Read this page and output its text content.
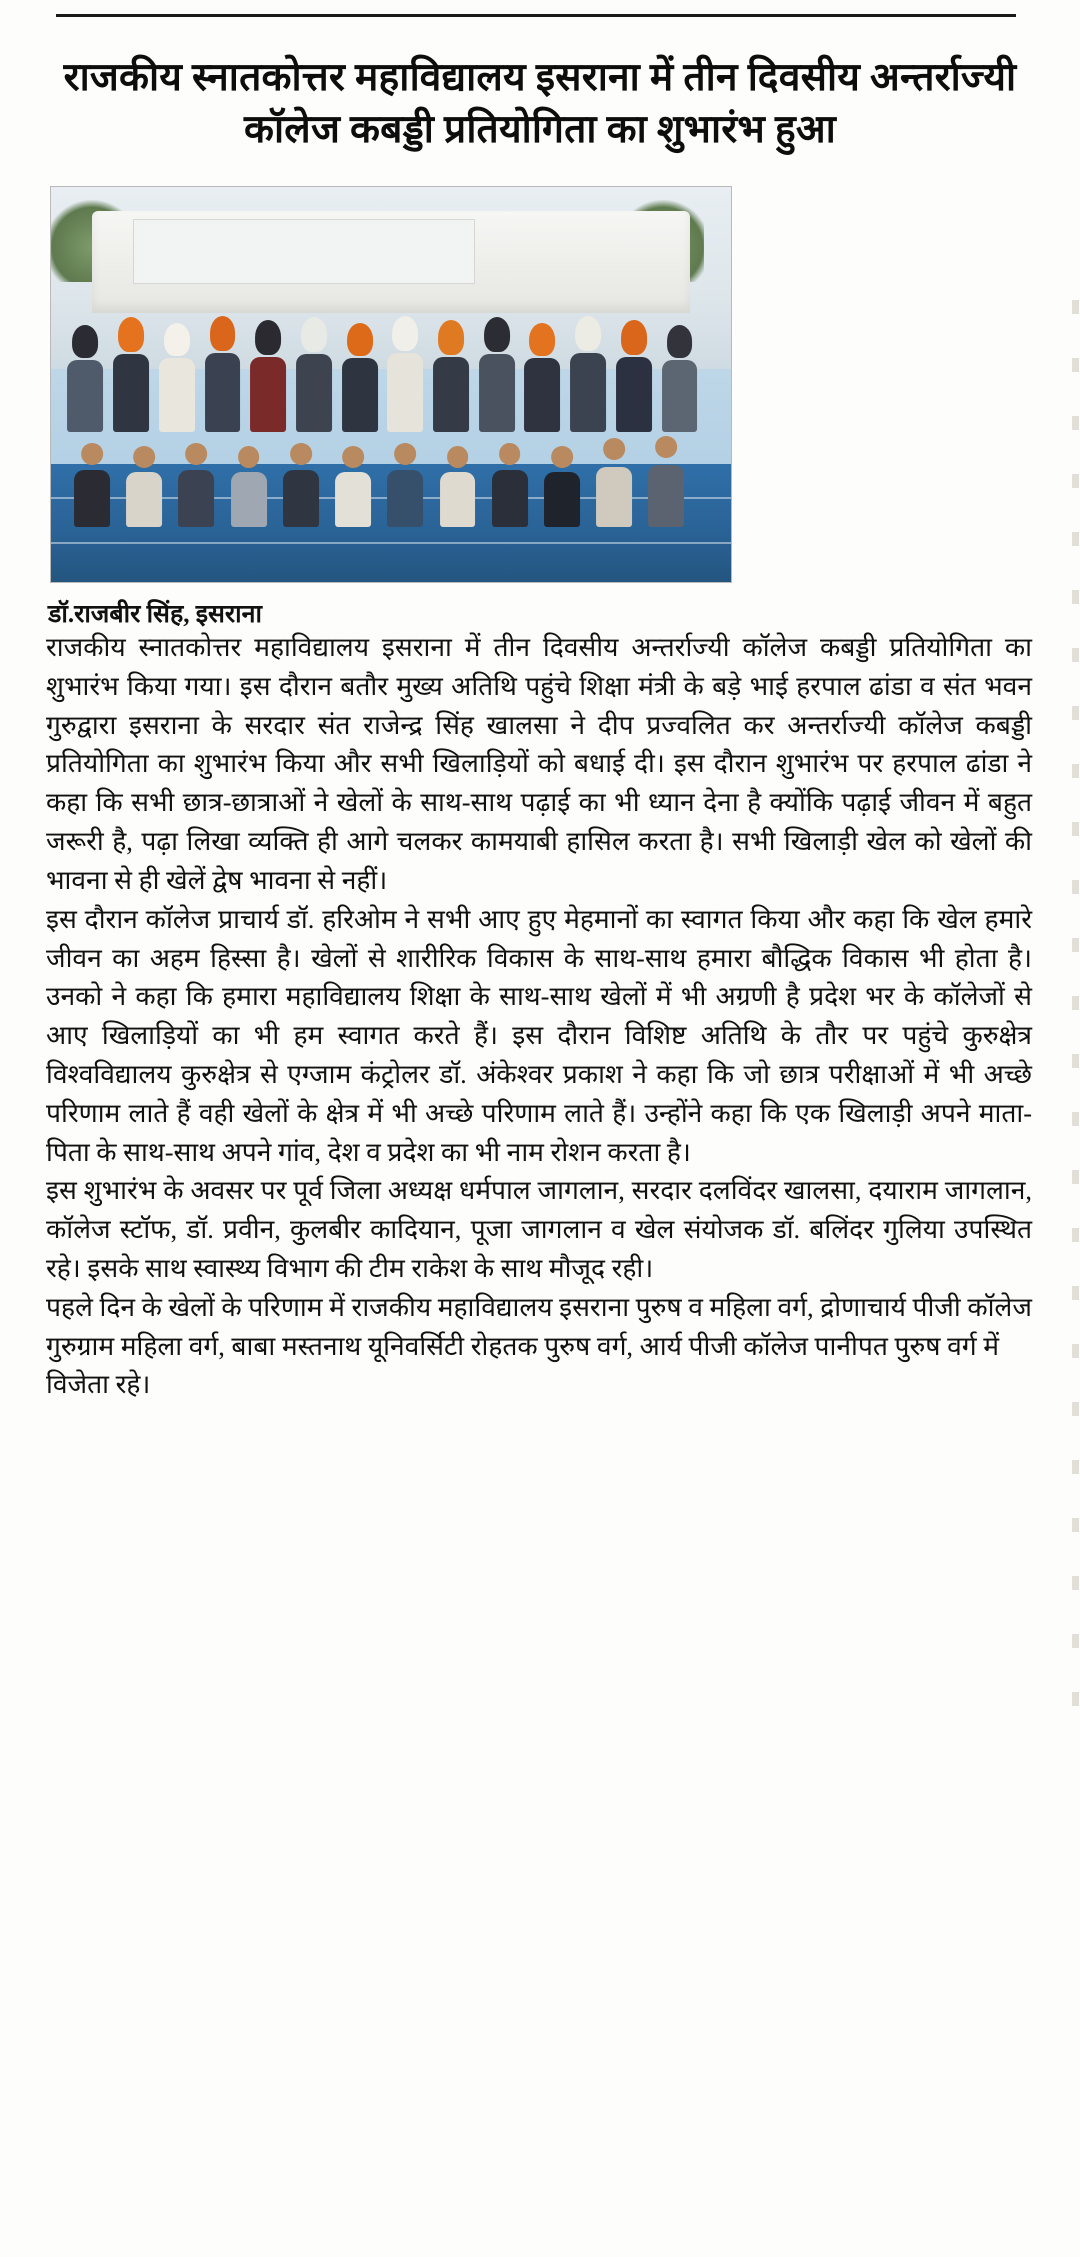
राजकीय स्नातकोत्तर महाविद्यालय इसराना में तीन दिवसीय अन्तर्राज्यी कॉलेज कबड्डी प्रतियोगिता का शुभारंभ हुआ
डॉ.राजबीर सिंह, इसराना

राजकीय स्नातकोत्तर महाविद्यालय इसराना में तीन दिवसीय अन्तर्राज्यी कॉलेज कबड्डी प्रतियोगिता का शुभारंभ किया गया। इस दौरान बतौर मुख्य अतिथि पहुंचे शिक्षा मंत्री के बड़े भाई हरपाल ढांडा व संत भवन गुरुद्वारा इसराना के सरदार संत राजेन्द्र सिंह खालसा ने दीप प्रज्वलित कर अन्तर्राज्यी कॉलेज कबड्डी प्रतियोगिता का शुभारंभ किया और सभी खिलाड़ियों को बधाई दी। इस दौरान शुभारंभ पर हरपाल ढांडा ने कहा कि सभी छात्र-छात्राओं ने खेलों के साथ-साथ पढ़ाई का भी ध्यान देना है क्योंकि पढ़ाई जीवन में बहुत जरूरी है, पढ़ा लिखा व्यक्ति ही आगे चलकर कामयाबी हासिल करता है। सभी खिलाड़ी खेल को खेलों की भावना से ही खेलें द्वेष भावना से नहीं।

इस दौरान कॉलेज प्राचार्य डॉ. हरिओम ने सभी आए हुए मेहमानों का स्वागत किया और कहा कि खेल हमारे जीवन का अहम हिस्सा है। खेलों से शारीरिक विकास के साथ-साथ हमारा बौद्धिक विकास भी होता है। उनको ने कहा कि हमारा महाविद्यालय शिक्षा के साथ-साथ खेलों में भी अग्रणी है प्रदेश भर के कॉलेजों से आए खिलाड़ियों का भी हम स्वागत करते हैं। इस दौरान विशिष्ट अतिथि के तौर पर पहुंचे कुरुक्षेत्र विश्वविद्यालय कुरुक्षेत्र से एग्जाम कंट्रोलर डॉ. अंकेश्वर प्रकाश ने कहा कि जो छात्र परीक्षाओं में भी अच्छे परिणाम लाते हैं वही खेलों के क्षेत्र में भी अच्छे परिणाम लाते हैं। उन्होंने कहा कि एक खिलाड़ी अपने माता-पिता के साथ-साथ अपने गांव, देश व प्रदेश का भी नाम रोशन करता है।

इस शुभारंभ के अवसर पर पूर्व जिला अध्यक्ष धर्मपाल जागलान, सरदार दलविंदर खालसा, दयाराम जागलान, कॉलेज स्टॉफ, डॉ. प्रवीन, कुलबीर कादियान, पूजा जागलान व खेल संयोजक डॉ. बलिंदर गुलिया उपस्थित रहे। इसके साथ स्वास्थ्य विभाग की टीम राकेश के साथ मौजूद रही।

पहले दिन के खेलों के परिणाम में राजकीय महाविद्यालय इसराना पुरुष व महिला वर्ग, द्रोणाचार्य पीजी कॉलेज गुरुग्राम महिला वर्ग, बाबा मस्तनाथ यूनिवर्सिटी रोहतक पुरुष वर्ग, आर्य पीजी कॉलेज पानीपत पुरुष वर्ग में विजेता रहे।
